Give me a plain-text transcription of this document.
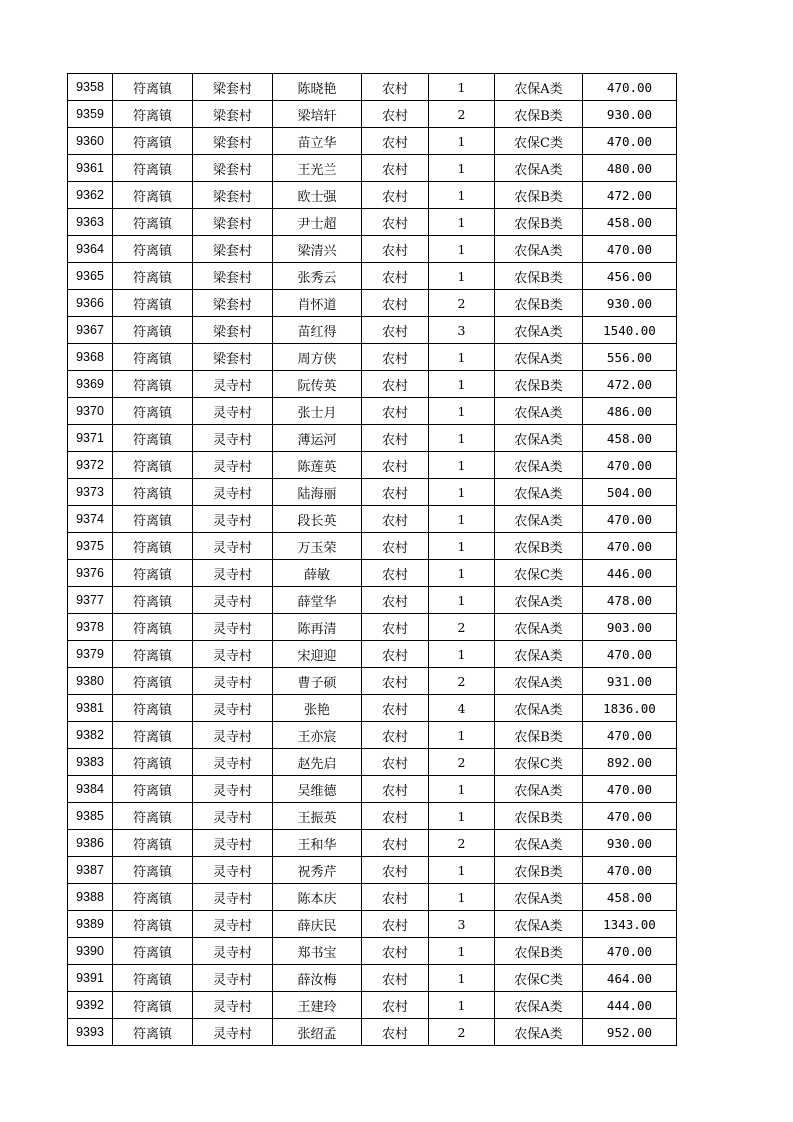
9358	符离镇	梁套村	陈晓艳	农村	1	农保A类	470.00
9359	符离镇	梁套村	梁培轩	农村	2	农保B类	930.00
9360	符离镇	梁套村	苗立华	农村	1	农保C类	470.00
9361	符离镇	梁套村	王光兰	农村	1	农保A类	480.00
9362	符离镇	梁套村	欧士强	农村	1	农保B类	472.00
9363	符离镇	梁套村	尹士超	农村	1	农保B类	458.00
9364	符离镇	梁套村	梁清兴	农村	1	农保A类	470.00
9365	符离镇	梁套村	张秀云	农村	1	农保B类	456.00
9366	符离镇	梁套村	肖怀道	农村	2	农保B类	930.00
9367	符离镇	梁套村	苗红得	农村	3	农保A类	1540.00
9368	符离镇	梁套村	周方侠	农村	1	农保A类	556.00
9369	符离镇	灵寺村	阮传英	农村	1	农保B类	472.00
9370	符离镇	灵寺村	张士月	农村	1	农保A类	486.00
9371	符离镇	灵寺村	薄运河	农村	1	农保A类	458.00
9372	符离镇	灵寺村	陈莲英	农村	1	农保A类	470.00
9373	符离镇	灵寺村	陆海丽	农村	1	农保A类	504.00
9374	符离镇	灵寺村	段长英	农村	1	农保A类	470.00
9375	符离镇	灵寺村	万玉荣	农村	1	农保B类	470.00
9376	符离镇	灵寺村	薛敏	农村	1	农保C类	446.00
9377	符离镇	灵寺村	薛堂华	农村	1	农保A类	478.00
9378	符离镇	灵寺村	陈再清	农村	2	农保A类	903.00
9379	符离镇	灵寺村	宋迎迎	农村	1	农保A类	470.00
9380	符离镇	灵寺村	曹子硕	农村	2	农保A类	931.00
9381	符离镇	灵寺村	张艳	农村	4	农保A类	1836.00
9382	符离镇	灵寺村	王亦宸	农村	1	农保B类	470.00
9383	符离镇	灵寺村	赵先启	农村	2	农保C类	892.00
9384	符离镇	灵寺村	吴维德	农村	1	农保A类	470.00
9385	符离镇	灵寺村	王振英	农村	1	农保B类	470.00
9386	符离镇	灵寺村	王和华	农村	2	农保A类	930.00
9387	符离镇	灵寺村	祝秀芹	农村	1	农保B类	470.00
9388	符离镇	灵寺村	陈本庆	农村	1	农保A类	458.00
9389	符离镇	灵寺村	薛庆民	农村	3	农保A类	1343.00
9390	符离镇	灵寺村	郑书宝	农村	1	农保B类	470.00
9391	符离镇	灵寺村	薛汝梅	农村	1	农保C类	464.00
9392	符离镇	灵寺村	王建玲	农村	1	农保A类	444.00
9393	符离镇	灵寺村	张绍孟	农村	2	农保A类	952.00
